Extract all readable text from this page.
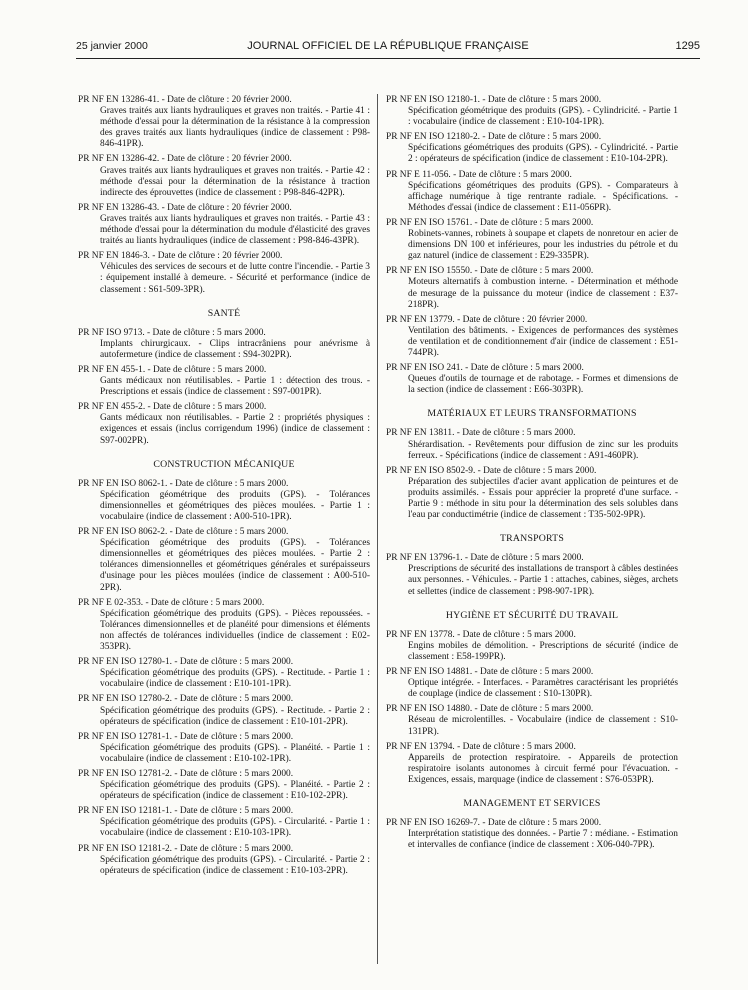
25 janvier 2000	JOURNAL OFFICIEL DE LA RÉPUBLIQUE FRANÇAISE	1295
PR NF EN 13286-41. - Date de clôture : 20 février 2000.
Graves traités aux liants hydrauliques et graves non traités. - Partie 41 : méthode d'essai pour la détermination de la résistance à la compression des graves traités aux liants hydrauliques (indice de classement : P98-846-41PR).
PR NF EN 13286-42. - Date de clôture : 20 février 2000.
Graves traités aux liants hydrauliques et graves non traités. - Partie 42 : méthode d'essai pour la détermination de la résistance à traction indirecte des éprouvettes (indice de classement : P98-846-42PR).
PR NF EN 13286-43. - Date de clôture : 20 février 2000.
Graves traités aux liants hydrauliques et graves non traités. - Partie 43 : méthode d'essai pour la détermination du module d'élasticité des graves traités au liants hydrauliques (indice de classement : P98-846-43PR).
PR NF EN 1846-3. - Date de clôture : 20 février 2000.
Véhicules des services de secours et de lutte contre l'incendie. - Partie 3 : équipement installé à demeure. - Sécurité et performance (indice de classement : S61-509-3PR).
SANTÉ
PR NF ISO 9713. - Date de clôture : 5 mars 2000.
Implants chirurgicaux. - Clips intracrâniens pour anévrisme à autofermeture (indice de classement : S94-302PR).
PR NF EN 455-1. - Date de clôture : 5 mars 2000.
Gants médicaux non réutilisables. - Partie 1 : détection des trous. - Prescriptions et essais (indice de classement : S97-001PR).
PR NF EN 455-2. - Date de clôture : 5 mars 2000.
Gants médicaux non réutilisables. - Partie 2 : propriétés physiques : exigences et essais (inclus corrigendum 1996) (indice de classement : S97-002PR).
CONSTRUCTION MÉCANIQUE
PR NF EN ISO 8062-1. - Date de clôture : 5 mars 2000.
Spécification géométrique des produits (GPS). - Tolérances dimensionnelles et géométriques des pièces moulées. - Partie 1 : vocabulaire (indice de classement : A00-510-1PR).
PR NF EN ISO 8062-2. - Date de clôture : 5 mars 2000.
Spécification géométrique des produits (GPS). - Tolérances dimensionnelles et géométriques des pièces moulées. - Partie 2 : tolérances dimensionnelles et géométriques générales et surépaisseurs d'usinage pour les pièces moulées (indice de classement : A00-510-2PR).
PR NF E 02-353. - Date de clôture : 5 mars 2000.
Spécification géométrique des produits (GPS). - Pièces repoussées. - Tolérances dimensionnelles et de planéité pour dimensions et éléments non affectés de tolérances individuelles (indice de classement : E02-353PR).
PR NF EN ISO 12780-1. - Date de clôture : 5 mars 2000.
Spécification géométrique des produits (GPS). - Rectitude. - Partie 1 : vocabulaire (indice de classement : E10-101-1PR).
PR NF EN ISO 12780-2. - Date de clôture : 5 mars 2000.
Spécification géométrique des produits (GPS). - Rectitude. - Partie 2 : opérateurs de spécification (indice de classement : E10-101-2PR).
PR NF EN ISO 12781-1. - Date de clôture : 5 mars 2000.
Spécification géométrique des produits (GPS). - Planéité. - Partie 1 : vocabulaire (indice de classement : E10-102-1PR).
PR NF EN ISO 12781-2. - Date de clôture : 5 mars 2000.
Spécification géométrique des produits (GPS). - Planéité. - Partie 2 : opérateurs de spécification (indice de classement : E10-102-2PR).
PR NF EN ISO 12181-1. - Date de clôture : 5 mars 2000.
Spécification géométrique des produits (GPS). - Circularité. - Partie 1 : vocabulaire (indice de classement : E10-103-1PR).
PR NF EN ISO 12181-2. - Date de clôture : 5 mars 2000.
Spécification géométrique des produits (GPS). - Circularité. - Partie 2 : opérateurs de spécification (indice de classement : E10-103-2PR).
PR NF EN ISO 12180-1. - Date de clôture : 5 mars 2000.
Spécification géométrique des produits (GPS). - Cylindricité. - Partie 1 : vocabulaire (indice de classement : E10-104-1PR).
PR NF EN ISO 12180-2. - Date de clôture : 5 mars 2000.
Spécifications géométriques des produits (GPS). - Cylindricité. - Partie 2 : opérateurs de spécification (indice de classement : E10-104-2PR).
PR NF E 11-056. - Date de clôture : 5 mars 2000.
Spécifications géométriques des produits (GPS). - Comparateurs à affichage numérique à tige rentrante radiale. - Spécifications. - Méthodes d'essai (indice de classement : E11-056PR).
PR NF EN ISO 15761. - Date de clôture : 5 mars 2000.
Robinets-vannes, robinets à soupape et clapets de nonretour en acier de dimensions DN 100 et inférieures, pour les industries du pétrole et du gaz naturel (indice de classement : E29-335PR).
PR NF EN ISO 15550. - Date de clôture : 5 mars 2000.
Moteurs alternatifs à combustion interne. - Détermination et méthode de mesurage de la puissance du moteur (indice de classement : E37-218PR).
PR NF EN 13779. - Date de clôture : 20 février 2000.
Ventilation des bâtiments. - Exigences de performances des systèmes de ventilation et de conditionnement d'air (indice de classement : E51-744PR).
PR NF EN ISO 241. - Date de clôture : 5 mars 2000.
Queues d'outils de tournage et de rabotage. - Formes et dimensions de la section (indice de classement : E66-303PR).
MATÉRIAUX ET LEURS TRANSFORMATIONS
PR NF EN 13811. - Date de clôture : 5 mars 2000.
Shérardisation. - Revêtements pour diffusion de zinc sur les produits ferreux. - Spécifications (indice de classement : A91-460PR).
PR NF EN ISO 8502-9. - Date de clôture : 5 mars 2000.
Préparation des subjectiles d'acier avant application de peintures et de produits assimilés. - Essais pour apprécier la propreté d'une surface. - Partie 9 : méthode in situ pour la détermination des sels solubles dans l'eau par conductimétrie (indice de classement : T35-502-9PR).
TRANSPORTS
PR NF EN 13796-1. - Date de clôture : 5 mars 2000.
Prescriptions de sécurité des installations de transport à câbles destinées aux personnes. - Véhicules. - Partie 1 : attaches, cabines, sièges, archets et sellettes (indice de classement : P98-907-1PR).
HYGIÈNE ET SÉCURITÉ DU TRAVAIL
PR NF EN 13778. - Date de clôture : 5 mars 2000.
Engins mobiles de démolition. - Prescriptions de sécurité (indice de classement : E58-199PR).
PR NF EN ISO 14881. - Date de clôture : 5 mars 2000.
Optique intégrée. - Interfaces. - Paramètres caractérisant les propriétés de couplage (indice de classement : S10-130PR).
PR NF EN ISO 14880. - Date de clôture : 5 mars 2000.
Réseau de microlentilles. - Vocabulaire (indice de classement : S10-131PR).
PR NF EN 13794. - Date de clôture : 5 mars 2000.
Appareils de protection respiratoire. - Appareils de protection respiratoire isolants autonomes à circuit fermé pour l'évacuation. - Exigences, essais, marquage (indice de classement : S76-053PR).
MANAGEMENT ET SERVICES
PR NF EN ISO 16269-7. - Date de clôture : 5 mars 2000.
Interprétation statistique des données. - Partie 7 : médiane. - Estimation et intervalles de confiance (indice de classement : X06-040-7PR).
